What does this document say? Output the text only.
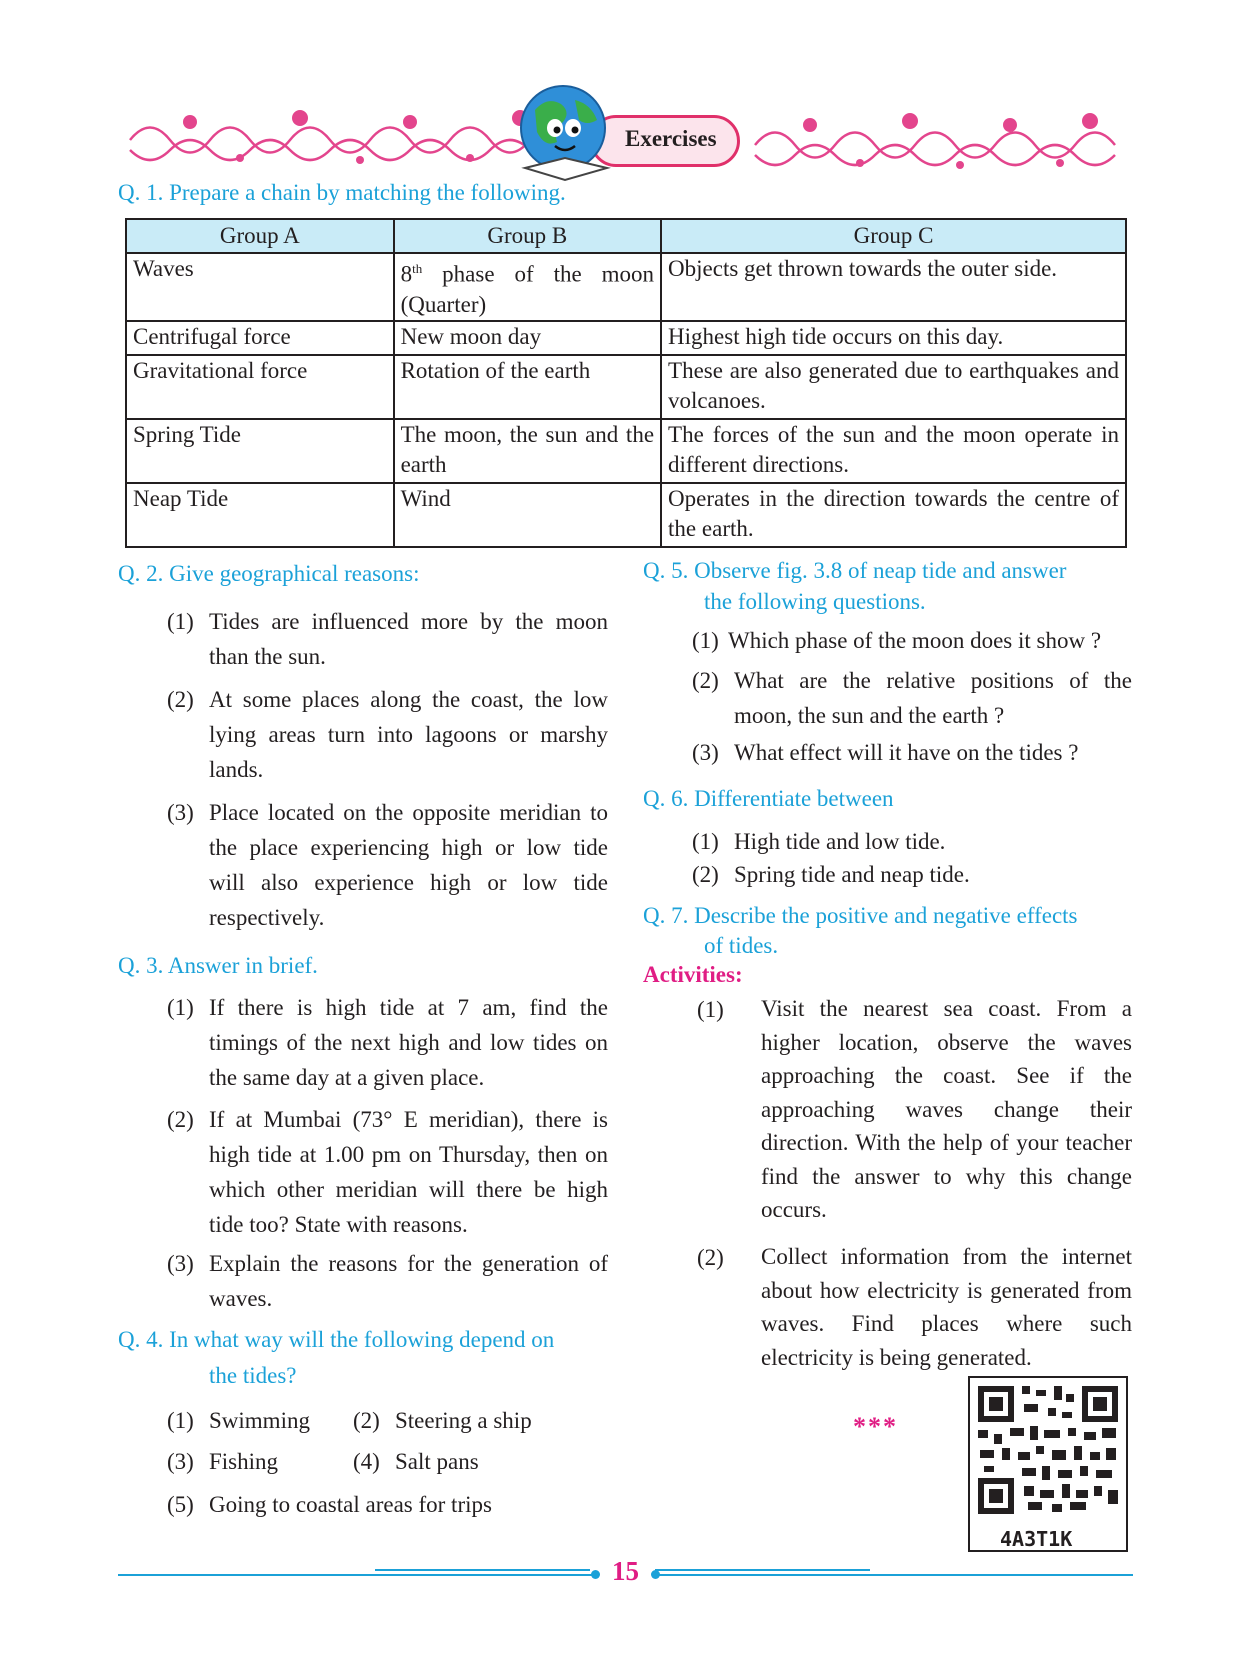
Exercises
Q. 1. Prepare a chain by matching the following.
Group A	Group B	Group C
Waves	8th phase of the moon (Quarter)	Objects get thrown towards the outer side.
Centrifugal force	New moon day	Highest high tide occurs on this day.
Gravitational force	Rotation of the earth	These are also generated due to earthquakes and volcanoes.
Spring Tide	The moon, the sun and the earth	The forces of the sun and the moon operate in different directions.
Neap Tide	Wind	Operates in the direction towards the centre of the earth.
Q. 2. Give geographical reasons:
(1) Tides are influenced more by the moon than the sun.
(2) At some places along the coast, the low lying areas turn into lagoons or marshy lands.
(3) Place located on the opposite meridian to the place experiencing high or low tide will also experience high or low tide respectively.
Q. 3. Answer in brief.
(1) If there is high tide at 7 am, find the timings of the next high and low tides on the same day at a given place.
(2) If at Mumbai (73° E meridian), there is high tide at 1.00 pm on Thursday, then on which other meridian will there be high tide too? State with reasons.
(3) Explain the reasons for the generation of waves.
Q. 4. In what way will the following depend on
the tides?
(1) Swimming (2) Steering a ship
(3) Fishing	(4) Salt pans
(5) Going to coastal areas for trips
Q. 5. Observe fig. 3.8 of neap tide and answer
the following questions.
(1) Which phase of the moon does it show ?
(2) What are the relative positions of the moon, the sun and the earth ?
(3) What effect will it have on the tides ?
Q. 6. Differentiate between
(1) High tide and low tide.
(2) Spring tide and neap tide.
Q. 7. Describe the positive and negative effects
of tides.
Activities:
(1) Visit the nearest sea coast. From a higher location, observe the waves approaching the coast. See if the approaching waves change their direction. With the help of your teacher find the answer to why this change occurs.
(2) Collect information from the internet about how electricity is generated from waves. Find places where such electricity is being generated.
***
4A3T1K
15
